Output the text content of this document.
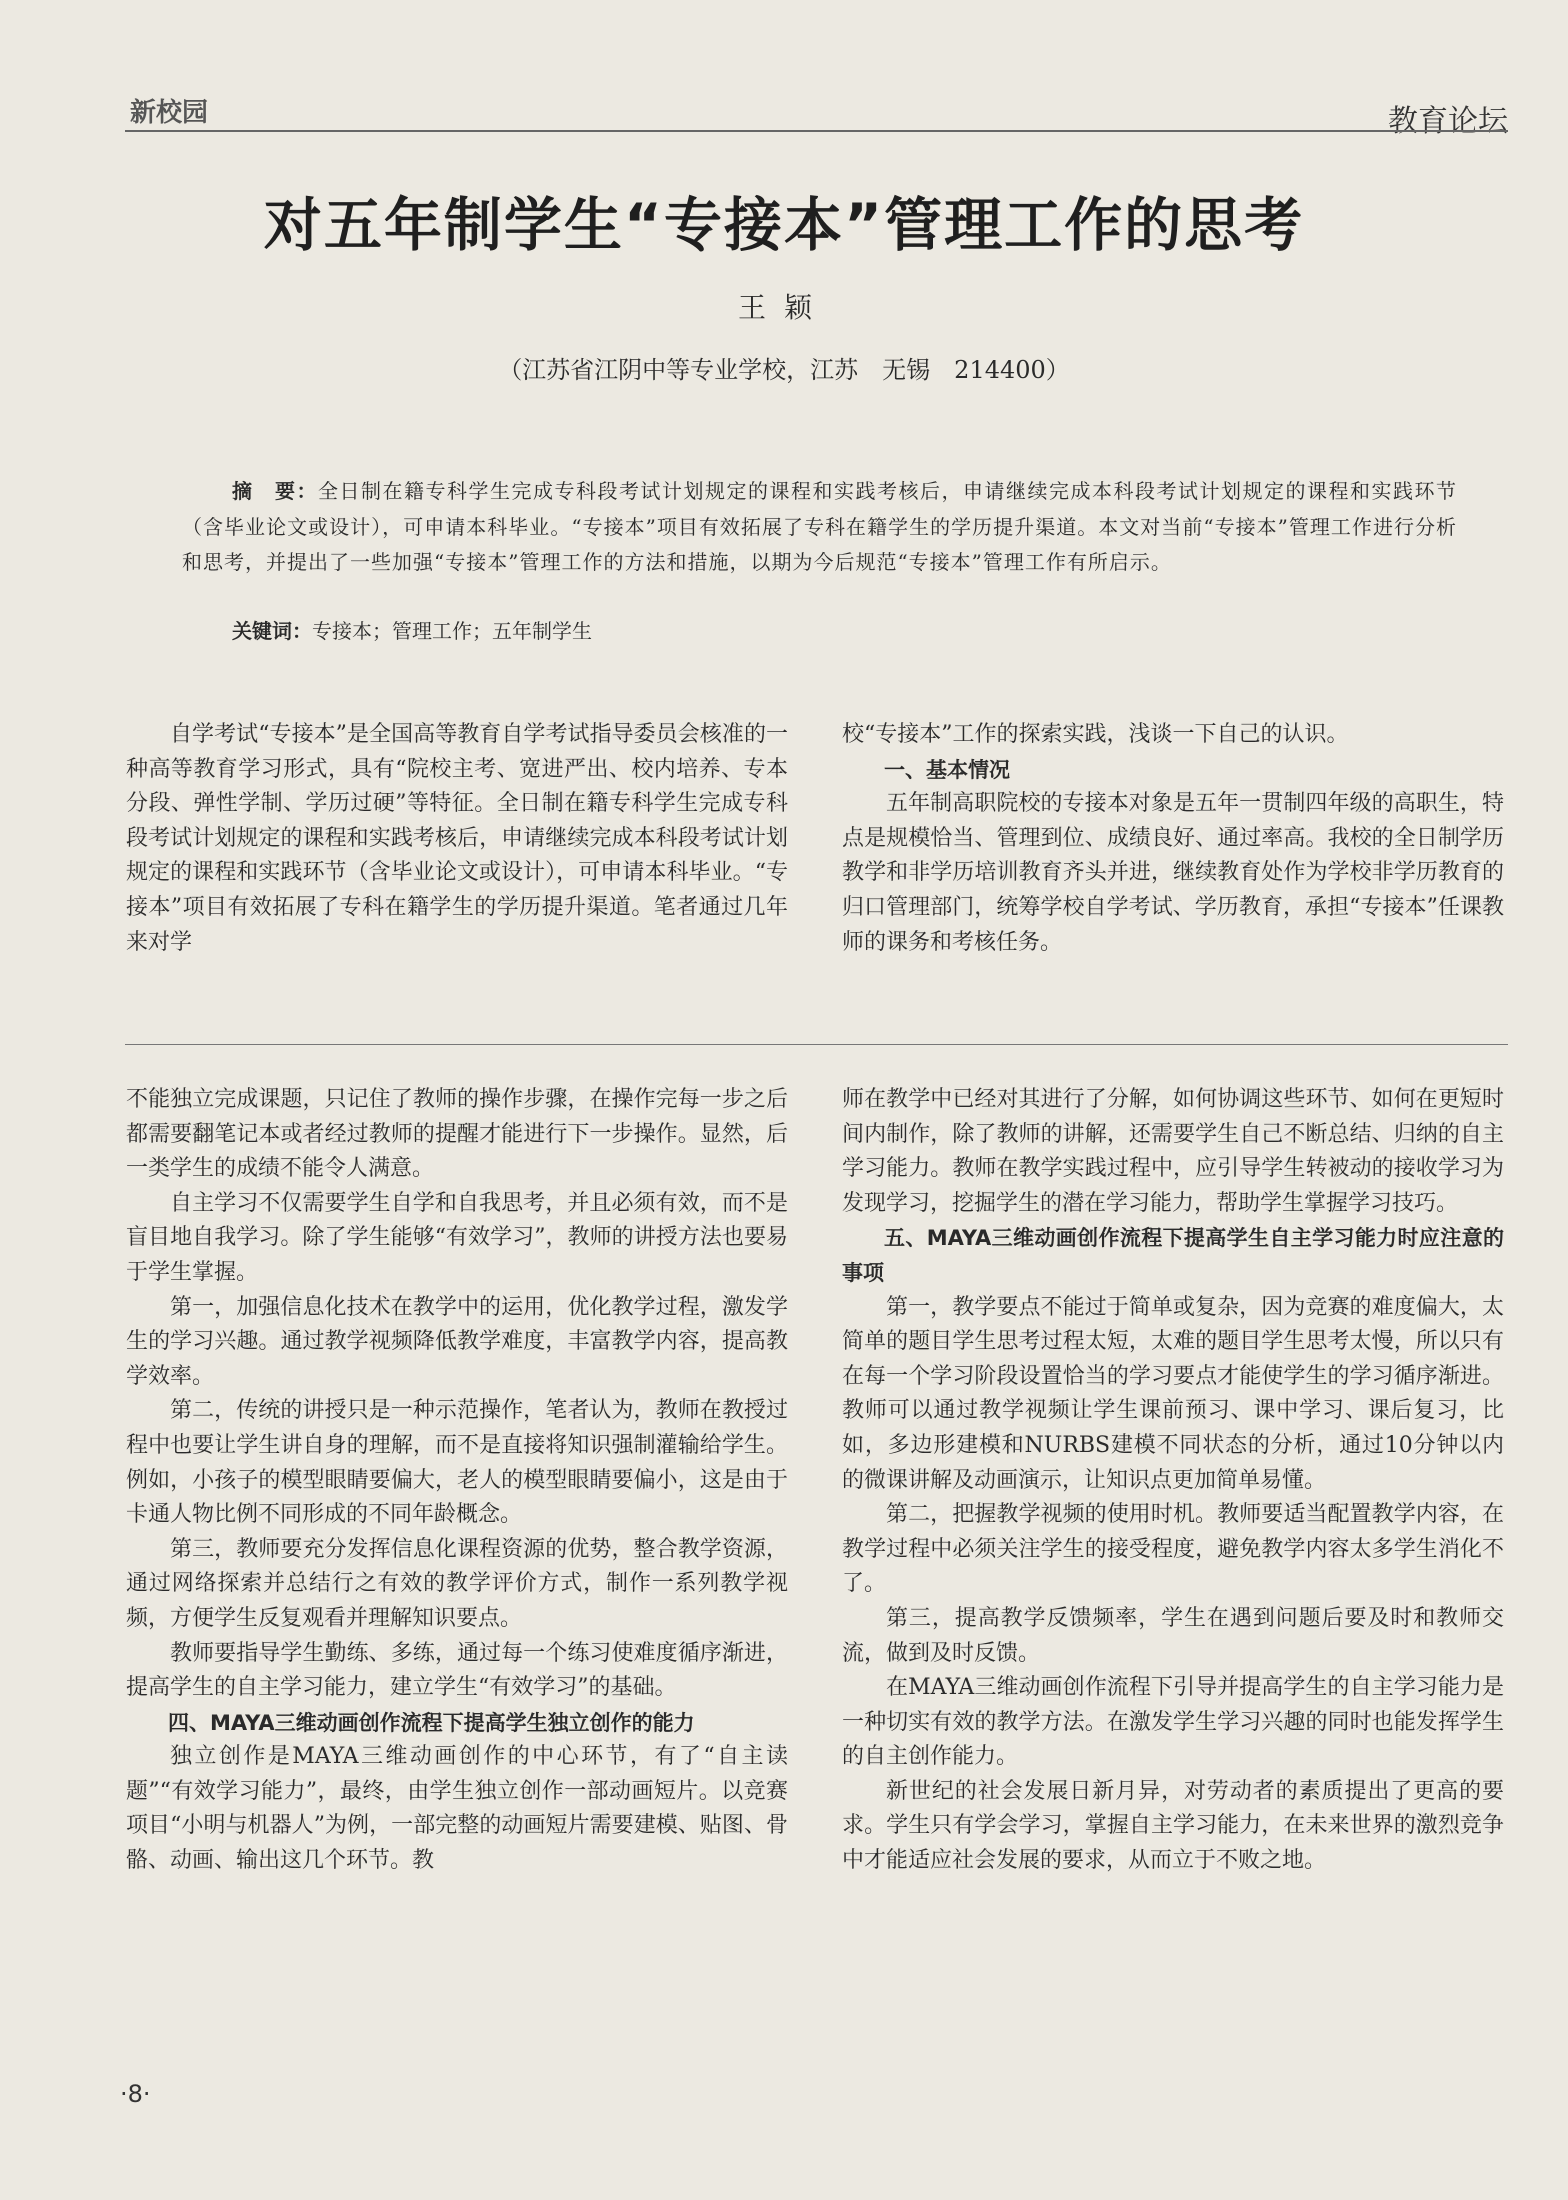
新校园	教育论坛
对五年制学生“专接本”管理工作的思考
王颖
（江苏省江阴中等专业学校，江苏　无锡　214400）
摘　要：全日制在籍专科学生完成专科段考试计划规定的课程和实践考核后，申请继续完成本科段考试计划规定的课程和实践环节（含毕业论文或设计），可申请本科毕业。“专接本”项目有效拓展了专科在籍学生的学历提升渠道。本文对当前“专接本”管理工作进行分析和思考，并提出了一些加强“专接本”管理工作的方法和措施，以期为今后规范“专接本”管理工作有所启示。
关键词：专接本；管理工作；五年制学生

自学考试“专接本”是全国高等教育自学考试指导委员会核准的一种高等教育学习形式，具有“院校主考、宽进严出、校内培养、专本分段、弹性学制、学历过硬”等特征。全日制在籍专科学生完成专科段考试计划规定的课程和实践考核后，申请继续完成本科段考试计划规定的课程和实践环节（含毕业论文或设计），可申请本科毕业。“专接本”项目有效拓展了专科在籍学生的学历提升渠道。笔者通过几年来对学

校“专接本”工作的探索实践，浅谈一下自己的认识。

一、基本情况

五年制高职院校的专接本对象是五年一贯制四年级的高职生，特点是规模恰当、管理到位、成绩良好、通过率高。我校的全日制学历教学和非学历培训教育齐头并进，继续教育处作为学校非学历教育的归口管理部门，统筹学校自学考试、学历教育，承担“专接本”任课教师的课务和考核任务。

不能独立完成课题，只记住了教师的操作步骤，在操作完每一步之后都需要翻笔记本或者经过教师的提醒才能进行下一步操作。显然，后一类学生的成绩不能令人满意。

自主学习不仅需要学生自学和自我思考，并且必须有效，而不是盲目地自我学习。除了学生能够“有效学习”，教师的讲授方法也要易于学生掌握。

第一，加强信息化技术在教学中的运用，优化教学过程，激发学生的学习兴趣。通过教学视频降低教学难度，丰富教学内容，提高教学效率。

第二，传统的讲授只是一种示范操作，笔者认为，教师在教授过程中也要让学生讲自身的理解，而不是直接将知识强制灌输给学生。例如，小孩子的模型眼睛要偏大，老人的模型眼睛要偏小，这是由于卡通人物比例不同形成的不同年龄概念。

第三，教师要充分发挥信息化课程资源的优势，整合教学资源，通过网络探索并总结行之有效的教学评价方式，制作一系列教学视频，方便学生反复观看并理解知识要点。

教师要指导学生勤练、多练，通过每一个练习使难度循序渐进，提高学生的自主学习能力，建立学生“有效学习”的基础。

四、MAYA三维动画创作流程下提高学生独立创作的能力

独立创作是MAYA三维动画创作的中心环节，有了“自主读题”“有效学习能力”，最终，由学生独立创作一部动画短片。以竞赛项目“小明与机器人”为例，一部完整的动画短片需要建模、贴图、骨骼、动画、输出这几个环节。教

师在教学中已经对其进行了分解，如何协调这些环节、如何在更短时间内制作，除了教师的讲解，还需要学生自己不断总结、归纳的自主学习能力。教师在教学实践过程中，应引导学生转被动的接收学习为发现学习，挖掘学生的潜在学习能力，帮助学生掌握学习技巧。

五、MAYA三维动画创作流程下提高学生自主学习能力时应注意的事项

第一，教学要点不能过于简单或复杂，因为竞赛的难度偏大，太简单的题目学生思考过程太短，太难的题目学生思考太慢，所以只有在每一个学习阶段设置恰当的学习要点才能使学生的学习循序渐进。教师可以通过教学视频让学生课前预习、课中学习、课后复习，比如，多边形建模和NURBS建模不同状态的分析，通过10分钟以内的微课讲解及动画演示，让知识点更加简单易懂。

第二，把握教学视频的使用时机。教师要适当配置教学内容，在教学过程中必须关注学生的接受程度，避免教学内容太多学生消化不了。

第三，提高教学反馈频率，学生在遇到问题后要及时和教师交流，做到及时反馈。

在MAYA三维动画创作流程下引导并提高学生的自主学习能力是一种切实有效的教学方法。在激发学生学习兴趣的同时也能发挥学生的自主创作能力。

新世纪的社会发展日新月异，对劳动者的素质提出了更高的要求。学生只有学会学习，掌握自主学习能力，在未来世界的激烈竞争中才能适应社会发展的要求，从而立于不败之地。

·8·
